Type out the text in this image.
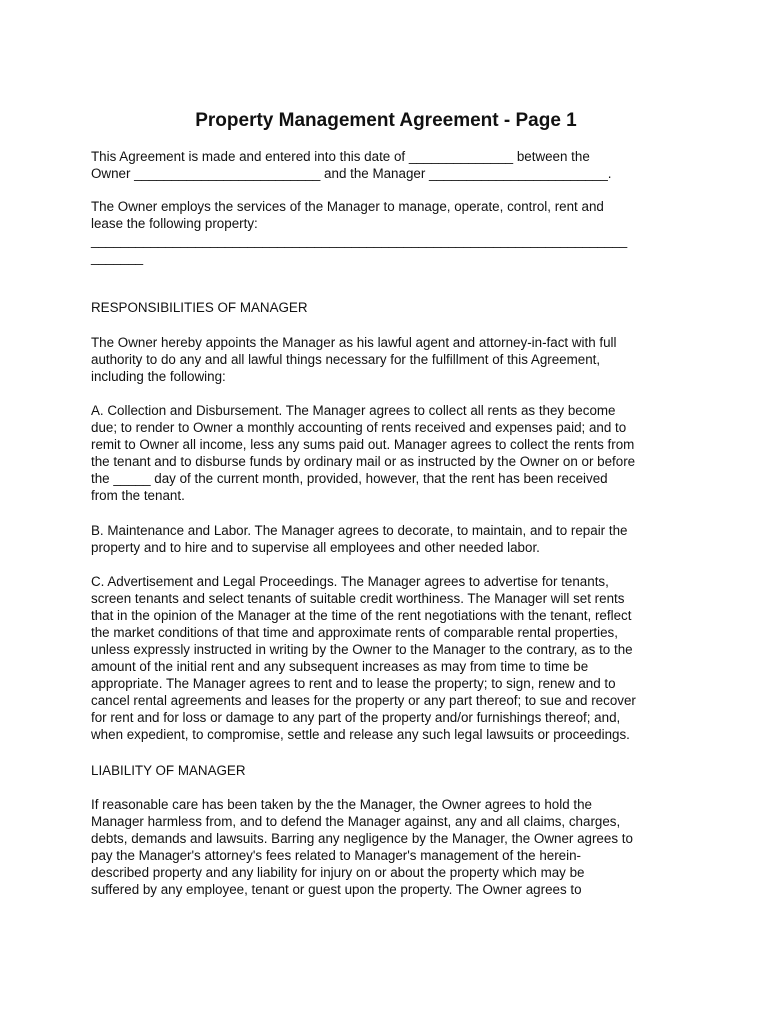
Property Management Agreement - Page 1
This Agreement is made and entered into this date of ______________ between the
Owner _________________________ and the Manager ________________________.
The Owner employs the services of the Manager to manage, operate, control, rent and
lease the following property:
________________________________________________________________________
_______
RESPONSIBILITIES OF MANAGER
The Owner hereby appoints the Manager as his lawful agent and attorney-in-fact with full
authority to do any and all lawful things necessary for the fulfillment of this Agreement,
including the following:
A. Collection and Disbursement. The Manager agrees to collect all rents as they become
due; to render to Owner a monthly accounting of rents received and expenses paid; and to
remit to Owner all income, less any sums paid out. Manager agrees to collect the rents from
the tenant and to disburse funds by ordinary mail or as instructed by the Owner on or before
the _____ day of the current month, provided, however, that the rent has been received
from the tenant.
B. Maintenance and Labor. The Manager agrees to decorate, to maintain, and to repair the
property and to hire and to supervise all employees and other needed labor.
C. Advertisement and Legal Proceedings. The Manager agrees to advertise for tenants,
screen tenants and select tenants of suitable credit worthiness. The Manager will set rents
that in the opinion of the Manager at the time of the rent negotiations with the tenant, reflect
the market conditions of that time and approximate rents of comparable rental properties,
unless expressly instructed in writing by the Owner to the Manager to the contrary, as to the
amount of the initial rent and any subsequent increases as may from time to time be
appropriate. The Manager agrees to rent and to lease the property; to sign, renew and to
cancel rental agreements and leases for the property or any part thereof; to sue and recover
for rent and for loss or damage to any part of the property and/or furnishings thereof; and,
when expedient, to compromise, settle and release any such legal lawsuits or proceedings.
LIABILITY OF MANAGER
If reasonable care has been taken by the the Manager, the Owner agrees to hold the
Manager harmless from, and to defend the Manager against, any and all claims, charges,
debts, demands and lawsuits. Barring any negligence by the Manager, the Owner agrees to
pay the Manager's attorney's fees related to Manager's management of the herein-
described property and any liability for injury on or about the property which may be
suffered by any employee, tenant or guest upon the property. The Owner agrees to
